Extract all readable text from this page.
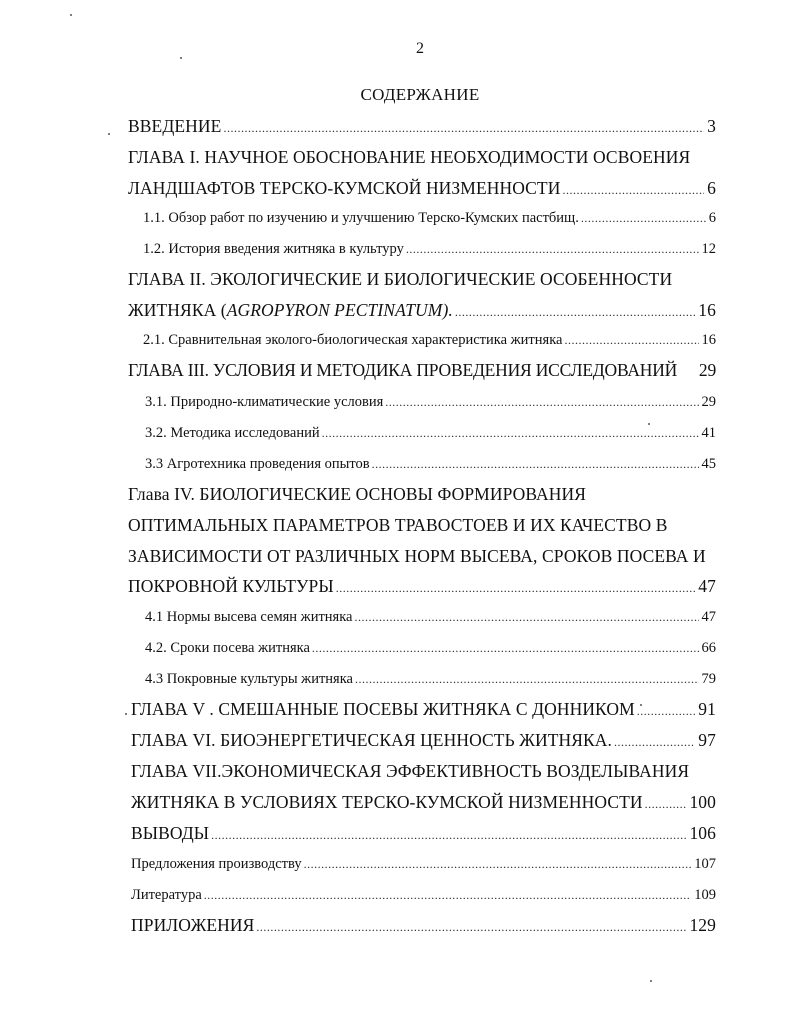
2
СОДЕРЖАНИЕ
ВВЕДЕНИЕ .....	3
ГЛАВА I. НАУЧНОЕ ОБОСНОВАНИЕ НЕОБХОДИМОСТИ ОСВОЕНИЯ
ЛАНДШАФТОВ ТЕРСКО-КУМСКОЙ НИЗМЕННОСТИ .....	6
1.1. Обзор работ по изучению и улучшению Терско-Кумских пастбищ. .....	6
1.2. История введения житняка в культуру .....	12
ГЛАВА II. ЭКОЛОГИЧЕСКИЕ И БИОЛОГИЧЕСКИЕ ОСОБЕННОСТИ
ЖИТНЯКА (AGROPYRON PECTINATUM). .....	16
2.1. Сравнительная эколого-биологическая характеристика житняка .....	16
ГЛАВА III. УСЛОВИЯ И МЕТОДИКА ПРОВЕДЕНИЯ ИССЛЕДОВАНИЙ 29
3.1. Природно-климатические условия .....	29
3.2. Методика исследований .....	41
3.3 Агротехника проведения опытов .....	45
Глава IV. БИОЛОГИЧЕСКИЕ ОСНОВЫ ФОРМИРОВАНИЯ
ОПТИМАЛЬНЫХ ПАРАМЕТРОВ ТРАВОСТОЕВ И ИХ КАЧЕСТВО В
ЗАВИСИМОСТИ ОТ РАЗЛИЧНЫХ НОРМ ВЫСЕВА, СРОКОВ ПОСЕВА И
ПОКРОВНОЙ КУЛЬТУРЫ .....	47
4.1 Нормы высева семян житняка .....	47
4.2. Сроки посева житняка .....	66
4.3 Покровные культуры житняка .....	79
ГЛАВА V . СМЕШАННЫЕ ПОСЕВЫ ЖИТНЯКА С ДОННИКОМ .....	91
ГЛАВА VI. БИОЭНЕРГЕТИЧЕСКАЯ ЦЕННОСТЬ ЖИТНЯКА. .....	97
ГЛАВА VII.ЭКОНОМИЧЕСКАЯ ЭФФЕКТИВНОСТЬ ВОЗДЕЛЫВАНИЯ
ЖИТНЯКА В УСЛОВИЯХ ТЕРСКО-КУМСКОЙ НИЗМЕННОСТИ .....	100
ВЫВОДЫ .....	106
Предложения производству .....	107
Литература .....	109
ПРИЛОЖЕНИЯ .....	129
